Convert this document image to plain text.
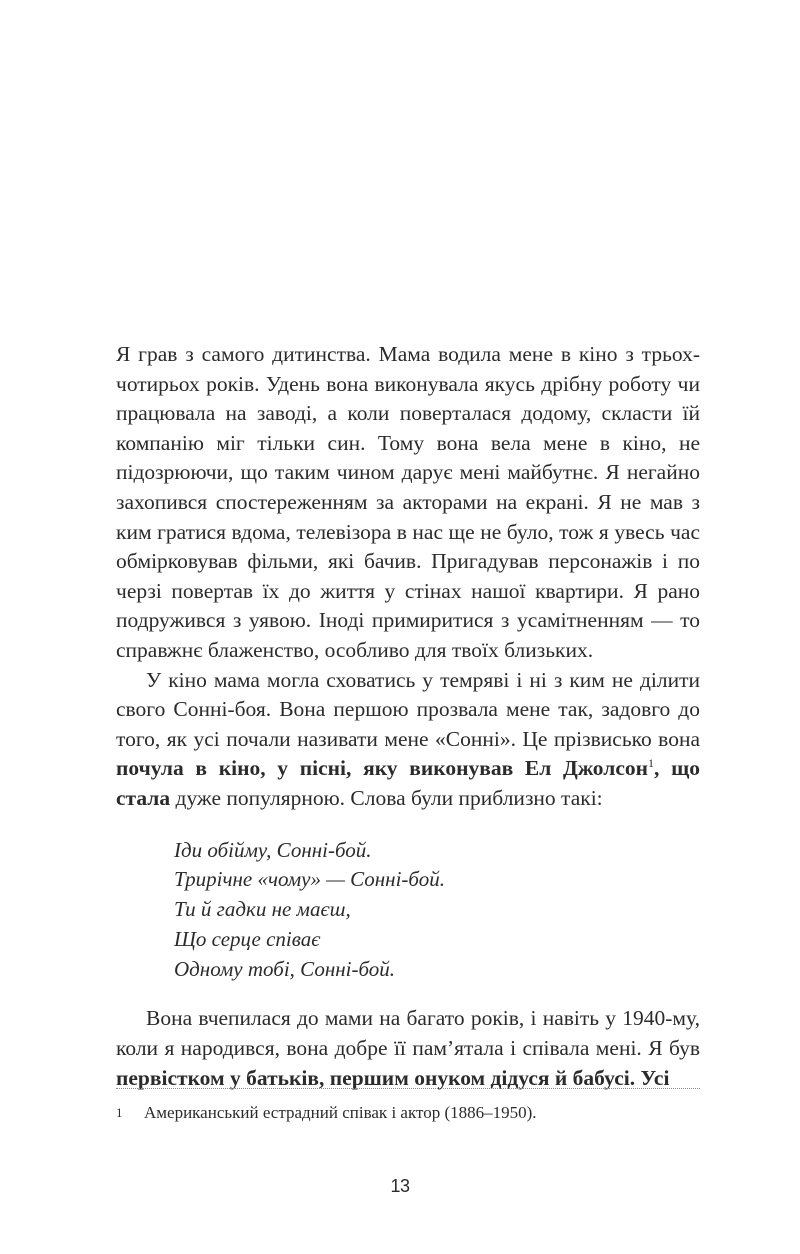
Я грав з самого дитинства. Мама водила мене в кіно з трьох-чотирьох років. Удень вона виконувала якусь дрібну роботу чи працювала на заводі, а коли поверталася додому, скласти їй компанію міг тільки син. Тому вона вела мене в кіно, не підозрюючи, що таким чином дарує мені майбутнє. Я негайно захопився спостереженням за акторами на екрані. Я не мав з ким гратися вдома, телевізора в нас ще не було, тож я увесь час обмірковував фільми, які бачив. Пригадував персонажів і по черзі повертав їх до життя у стінах нашої квартири. Я рано подружився з уявою. Іноді примиритися з усамітненням — то справжнє блаженство, особливо для твоїх близьких.

У кіно мама могла сховатись у темряві і ні з ким не ділити свого Сонні-боя. Вона першою прозвала мене так, задовго до того, як усі почали називати мене «Сонні». Це прізвисько вона почула в кіно, у пісні, яку виконував Ел Джолсон$^1$, що стала дуже популярною. Слова були приблизно такі:

Іди обійму, Сонні-бой.
Трирічне «чому» — Сонні-бой.
Ти й гадки не маєш,
Що серце співає
Одному тобі, Сонні-бой.

Вона вчепилася до мами на багато років, і навіть у 1940-му, коли я народився, вона добре її пам’ятала і співала мені. Я був первістком у батьків, першим онуком дідуся й бабусі. Усі

1 Американський естрадний співак і актор (1886–1950).
13
